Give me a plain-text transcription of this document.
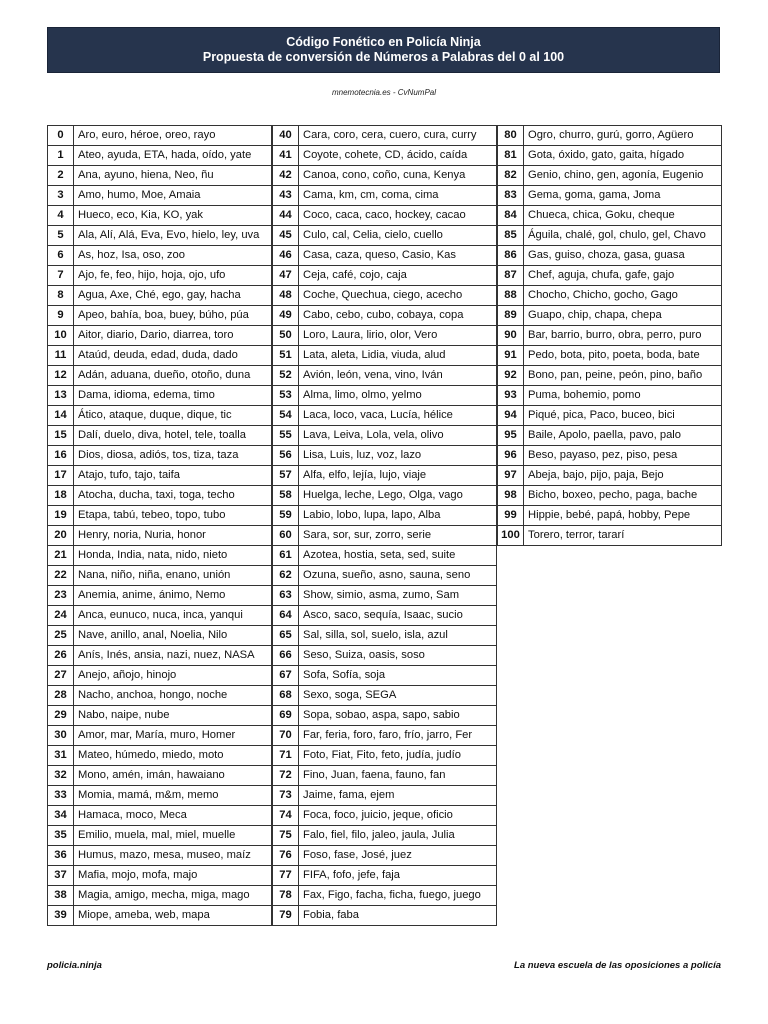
Código Fonético en Policía Ninja
Propuesta de conversión de Números a Palabras del 0 al 100
mnemotecnia.es - CvNumPal
0	Aro, euro, héroe, oreo, rayo
1	Ateo, ayuda, ETA, hada, oído, yate
2	Ana, ayuno, hiena, Neo, ñu
3	Amo, humo, Moe, Amaia
4	Hueco, eco, Kia, KO, yak
5	Ala, Alí, Alá, Eva, Evo, hielo, ley, uva
6	As, hoz, Isa, oso, zoo
7	Ajo, fe, feo, hijo, hoja, ojo, ufo
8	Agua, Axe, Ché, ego, gay, hacha
9	Apeo, bahía, boa, buey, búho, púa
10	Aitor, diario, Dario, diarrea, toro
11	Ataúd, deuda, edad, duda, dado
12	Adán, aduana, dueño, otoño, duna
13	Dama, idioma, edema, timo
14	Ático, ataque, duque, dique, tic
15	Dalí, duelo, diva, hotel, tele, toalla
16	Dios, diosa, adiós, tos, tiza, taza
17	Atajo, tufo, tajo, taifa
18	Atocha, ducha, taxi, toga, techo
19	Etapa, tabú, tebeo, topo, tubo
20	Henry, noria, Nuria, honor
21	Honda, India, nata, nido, nieto
22	Nana, niño, niña, enano, unión
23	Anemia, anime, ánimo, Nemo
24	Anca, eunuco, nuca, inca, yanqui
25	Nave, anillo, anal, Noelia, Nilo
26	Anís, Inés, ansia, nazi, nuez, NASA
27	Anejo, añojo, hinojo
28	Nacho, anchoa, hongo, noche
29	Nabo, naipe, nube
30	Amor, mar, María, muro, Homer
31	Mateo, húmedo, miedo, moto
32	Mono, amén, imán, hawaiano
33	Momia, mamá, m&m, memo
34	Hamaca, moco, Meca
35	Emilio, muela, mal, miel, muelle
36	Humus, mazo, mesa, museo, maíz
37	Mafia, mojo, mofa, majo
38	Magia, amigo, mecha, miga, mago
39	Miope, ameba, web, mapa
40	Cara, coro, cera, cuero, cura, curry
41	Coyote, cohete, CD, ácido, caída
42	Canoa, cono, coño, cuna, Kenya
43	Cama, km, cm, coma, cima
44	Coco, caca, caco, hockey, cacao
45	Culo, cal, Celia, cielo, cuello
46	Casa, caza, queso, Casio, Kas
47	Ceja, café, cojo, caja
48	Coche, Quechua, ciego, acecho
49	Cabo, cebo, cubo, cobaya, copa
50	Loro, Laura, lirio, olor, Vero
51	Lata, aleta, Lidia, viuda, alud
52	Avión, león, vena, vino, Iván
53	Alma, limo, olmo, yelmo
54	Laca, loco, vaca, Lucía, hélice
55	Lava, Leiva, Lola, vela, olivo
56	Lisa, Luis, luz, voz, lazo
57	Alfa, elfo, lejía, lujo, viaje
58	Huelga, leche, Lego, Olga, vago
59	Labio, lobo, lupa, lapo, Alba
60	Sara, sor, sur, zorro, serie
61	Azotea, hostia, seta, sed, suite
62	Ozuna, sueño, asno, sauna, seno
63	Show, simio, asma, zumo, Sam
64	Asco, saco, sequía, Isaac, sucio
65	Sal, silla, sol, suelo, isla, azul
66	Seso, Suiza, oasis, soso
67	Sofa, Sofía, soja
68	Sexo, soga, SEGA
69	Sopa, sobao, aspa, sapo, sabio
70	Far, feria, foro, faro, frío, jarro, Fer
71	Foto, Fiat, Fito, feto, judía, judío
72	Fino, Juan, faena, fauno, fan
73	Jaime, fama, ejem
74	Foca, foco, juicio, jeque, oficio
75	Falo, fiel, filo, jaleo, jaula, Julia
76	Foso, fase, José, juez
77	FIFA, fofo, jefe, faja
78	Fax, Figo, facha, ficha, fuego, juego
79	Fobia, faba
80	Ogro, churro, gurú, gorro, Agüero
81	Gota, óxido, gato, gaita, hígado
82	Genio, chino, gen, agonía, Eugenio
83	Gema, goma, gama, Joma
84	Chueca, chica, Goku, cheque
85	Águila, chalé, gol, chulo, gel, Chavo
86	Gas, guiso, choza, gasa, guasa
87	Chef, aguja, chufa, gafe, gajo
88	Chocho, Chicho, gocho, Gago
89	Guapo, chip, chapa, chepa
90	Bar, barrio, burro, obra, perro, puro
91	Pedo, bota, pito, poeta, boda, bate
92	Bono, pan, peine, peón, pino, baño
93	Puma, bohemio, pomo
94	Piqué, pica, Paco, buceo, bici
95	Baile, Apolo, paella, pavo, palo
96	Beso, payaso, pez, piso, pesa
97	Abeja, bajo, pijo, paja, Bejo
98	Bicho, boxeo, pecho, paga, bache
99	Hippie, bebé, papá, hobby, Pepe
100	Torero, terror, tararí
policia.ninja	La nueva escuela de las oposiciones a policía
